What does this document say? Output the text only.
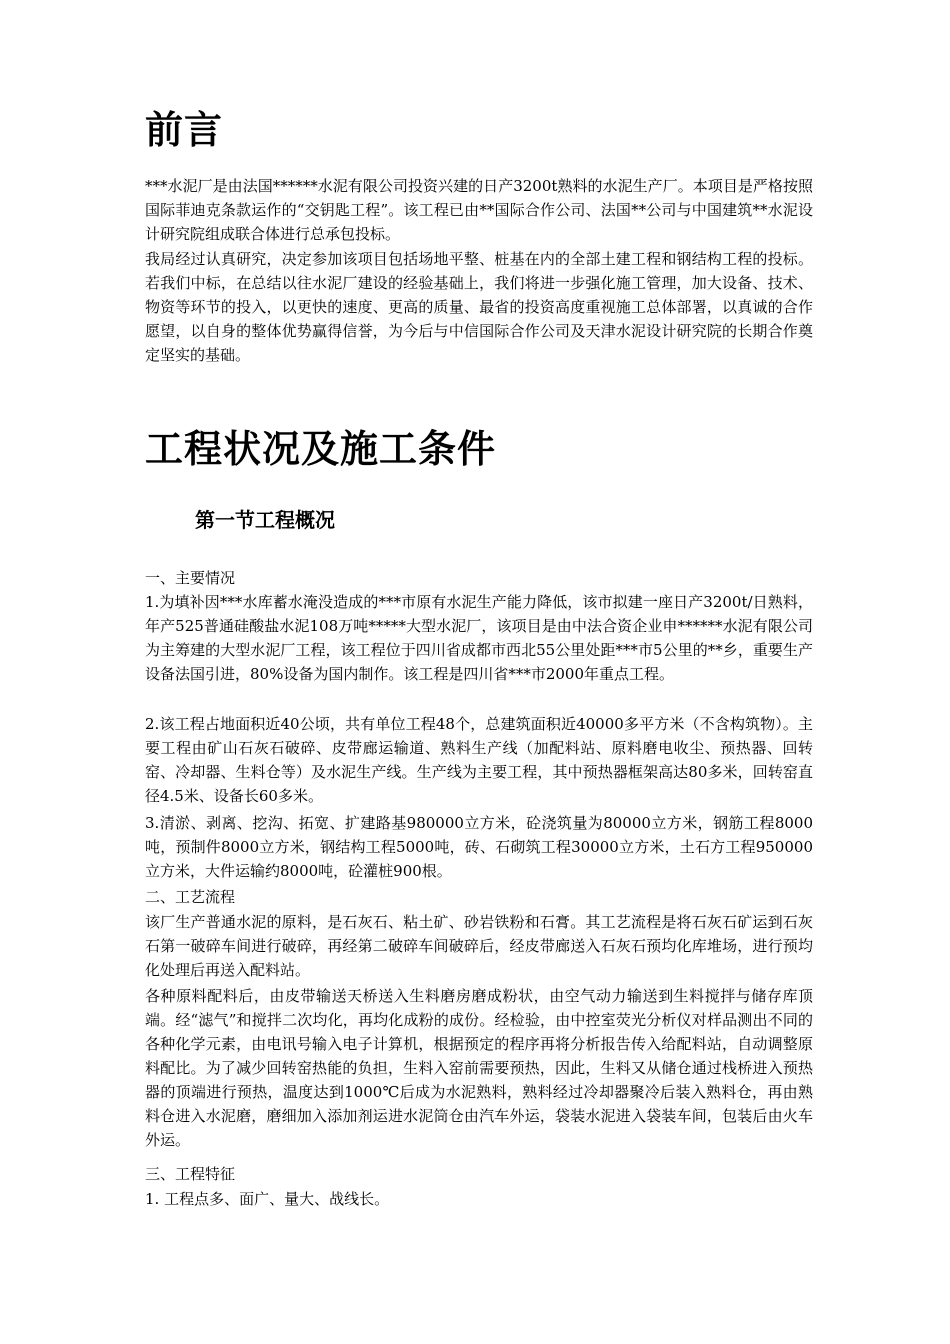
前言

***水泥厂是由法国******水泥有限公司投资兴建的日产3200t熟料的水泥生产厂。本项目是严格按照国际菲迪克条款运作的“交钥匙工程”。该工程已由**国际合作公司、法国**公司与中国建筑**水泥设计研究院组成联合体进行总承包投标。

我局经过认真研究，决定参加该项目包括场地平整、桩基在内的全部土建工程和钢结构工程的投标。若我们中标，在总结以往水泥厂建设的经验基础上，我们将进一步强化施工管理，加大设备、技术、物资等环节的投入，以更快的速度、更高的质量、最省的投资高度重视施工总体部署，以真诚的合作愿望，以自身的整体优势赢得信誉，为今后与中信国际合作公司及天津水泥设计研究院的长期合作奠定坚实的基础。

工程状况及施工条件
第一节工程概况

一、主要情况

1.为填补因***水库蓄水淹没造成的***市原有水泥生产能力降低，该市拟建一座日产3200t/日熟料，年产525普通硅酸盐水泥108万吨*****大型水泥厂，该项目是由中法合资企业申******水泥有限公司为主筹建的大型水泥厂工程，该工程位于四川省成都市西北55公里处距***市5公里的**乡，重要生产设备法国引进，80%设备为国内制作。该工程是四川省***市2000年重点工程。

2.该工程占地面积近40公顷，共有单位工程48个，总建筑面积近40000多平方米（不含构筑物）。主要工程由矿山石灰石破碎、皮带廊运输道、熟料生产线（加配料站、原料磨电收尘、预热器、回转窑、冷却器、生料仓等）及水泥生产线。生产线为主要工程，其中预热器框架高达80多米，回转窑直径4.5米、设备长60多米。

3.清淤、剥离、挖沟、拓宽、扩建路基980000立方米，砼浇筑量为80000立方米，钢筋工程8000吨，预制件8000立方米，钢结构工程5000吨，砖、石砌筑工程30000立方米，土石方工程950000立方米，大件运输约8000吨，砼灌桩900根。

二、工艺流程

该厂生产普通水泥的原料，是石灰石、粘土矿、砂岩铁粉和石膏。其工艺流程是将石灰石矿运到石灰石第一破碎车间进行破碎，再经第二破碎车间破碎后，经皮带廊送入石灰石预均化库堆场，进行预均化处理后再送入配料站。

各种原料配料后，由皮带输送天桥送入生料磨房磨成粉状，由空气动力输送到生料搅拌与储存库顶端。经“滤气”和搅拌二次均化，再均化成粉的成份。经检验，由中控室荧光分析仪对样品测出不同的各种化学元素，由电讯号输入电子计算机，根据预定的程序再将分析报告传入给配料站，自动调整原料配比。为了减少回转窑热能的负担，生料入窑前需要预热，因此，生料又从储仓通过栈桥进入预热器的顶端进行预热，温度达到1000℃后成为水泥熟料，熟料经过冷却器聚冷后装入熟料仓，再由熟料仓进入水泥磨，磨细加入添加剂运进水泥筒仓由汽车外运，袋装水泥进入袋装车间，包装后由火车外运。

三、工程特征

1. 工程点多、面广、量大、战线长。
